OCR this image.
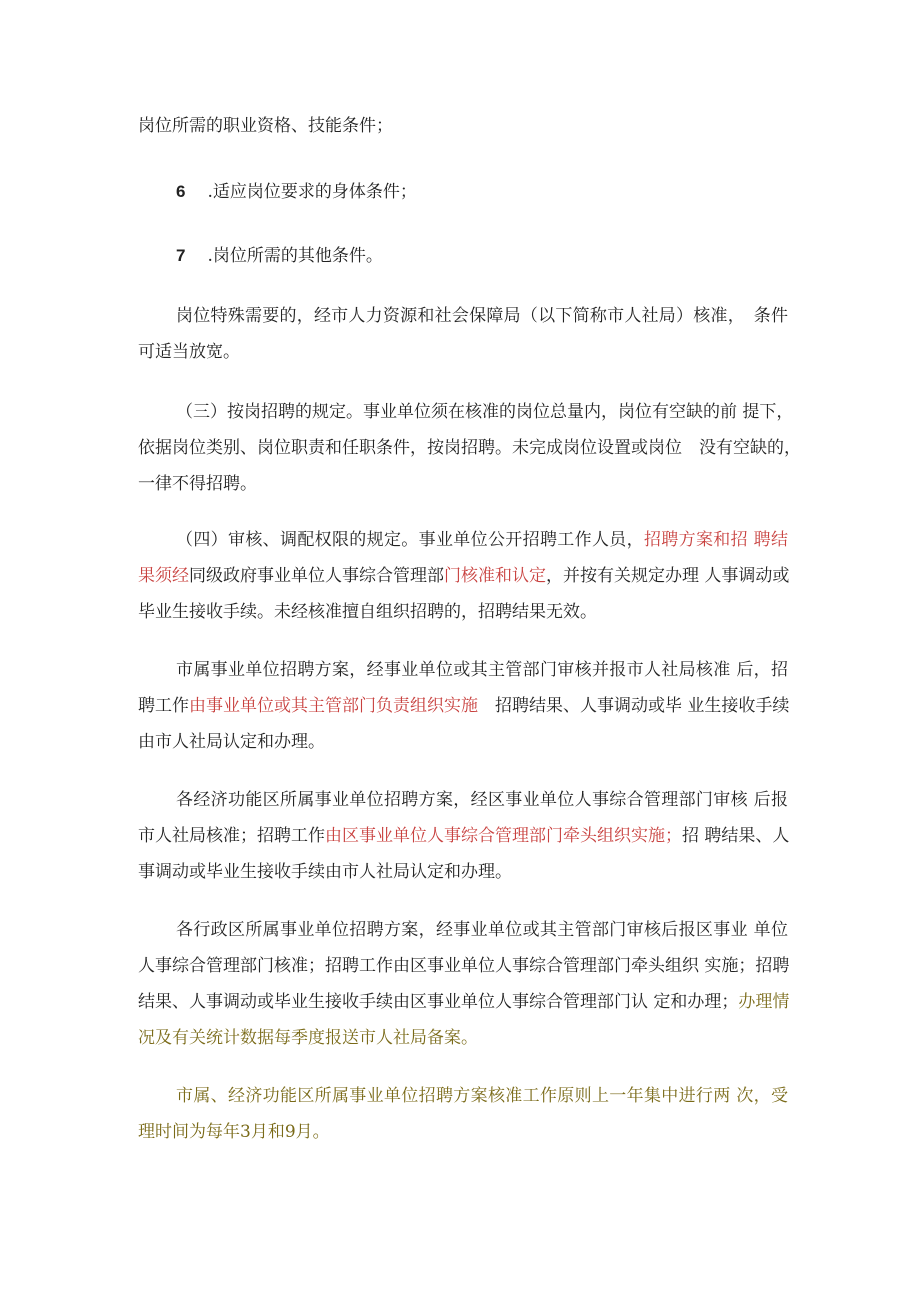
岗位所需的职业资格、技能条件；
6 .适应岗位要求的身体条件；
7 .岗位所需的其他条件。
岗位特殊需要的，经市人力资源和社会保障局（以下简称市人社局）核准，　条件
可适当放宽。
（三）按岗招聘的规定。事业单位须在核准的岗位总量内，岗位有空缺的前 提下，
依据岗位类别、岗位职责和任职条件，按岗招聘。未完成岗位设置或岗位　没有空缺的，
一律不得招聘。
（四）审核、调配权限的规定。事业单位公开招聘工作人员，招聘方案和招 聘结
果须经同级政府事业单位人事综合管理部门核准和认定，并按有关规定办理 人事调动或
毕业生接收手续。未经核准擅自组织招聘的，招聘结果无效。
市属事业单位招聘方案，经事业单位或其主管部门审核并报市人社局核准 后，招
聘工作由事业单位或其主管部门负责组织实施　 招聘结果、人事调动或毕 业生接收手续
由市人社局认定和办理。
各经济功能区所属事业单位招聘方案，经区事业单位人事综合管理部门审核 后报
市人社局核准；招聘工作由区事业单位人事综合管理部门牵头组织实施；招 聘结果、人
事调动或毕业生接收手续由市人社局认定和办理。
各行政区所属事业单位招聘方案，经事业单位或其主管部门审核后报区事业 单位
人事综合管理部门核准；招聘工作由区事业单位人事综合管理部门牵头组织 实施；招聘
结果、人事调动或毕业生接收手续由区事业单位人事综合管理部门认 定和办理；办理情
况及有关统计数据每季度报送市人社局备案。
市属、经济功能区所属事业单位招聘方案核准工作原则上一年集中进行两 次，受
理时间为每年3月和9月。
